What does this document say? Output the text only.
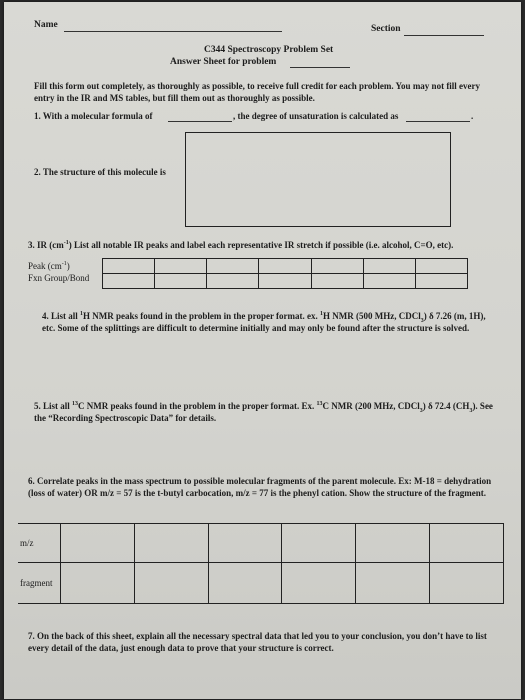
Name	Section
C344 Spectroscopy Problem Set
Answer Sheet for problem
Fill this form out completely, as thoroughly as possible, to receive full credit for each problem. You may not fill every entry in the IR and MS tables, but fill them out as thoroughly as possible.
1. With a molecular formula of	, the degree of unsaturation is calculated as	.
2. The structure of this molecule is
3. IR $(cm^{-1})$ List all notable IR peaks and label each representative IR stretch if possible (i.e. alcohol, C=O, etc).
Peak $(cm^{-1})$
Fxn Group/Bond

4. List all $^1$H NMR peaks found in the problem in the proper format. ex. $^1$H NMR (500 MHz, CDCl$_3$) δ 7.26 (m, 1H), etc. Some of the splittings are difficult to determine initially and may only be found after the structure is solved.
5. List all $^{13}$C NMR peaks found in the problem in the proper format. Ex. $^{13}$C NMR (200 MHz, CDCl$_3$) δ 72.4 $(CH_3)$. See the “Recording Spectroscopic Data” for details.
6. Correlate peaks in the mass spectrum to possible molecular fragments of the parent molecule. Ex: M-18 = dehydration (loss of water) OR m/z = 57 is the t-butyl carbocation, m/z = 77 is the phenyl cation. Show the structure of the fragment.
m/z						
fragment						
7. On the back of this sheet, explain all the necessary spectral data that led you to your conclusion, you don’t have to list every detail of the data, just enough data to prove that your structure is correct.
